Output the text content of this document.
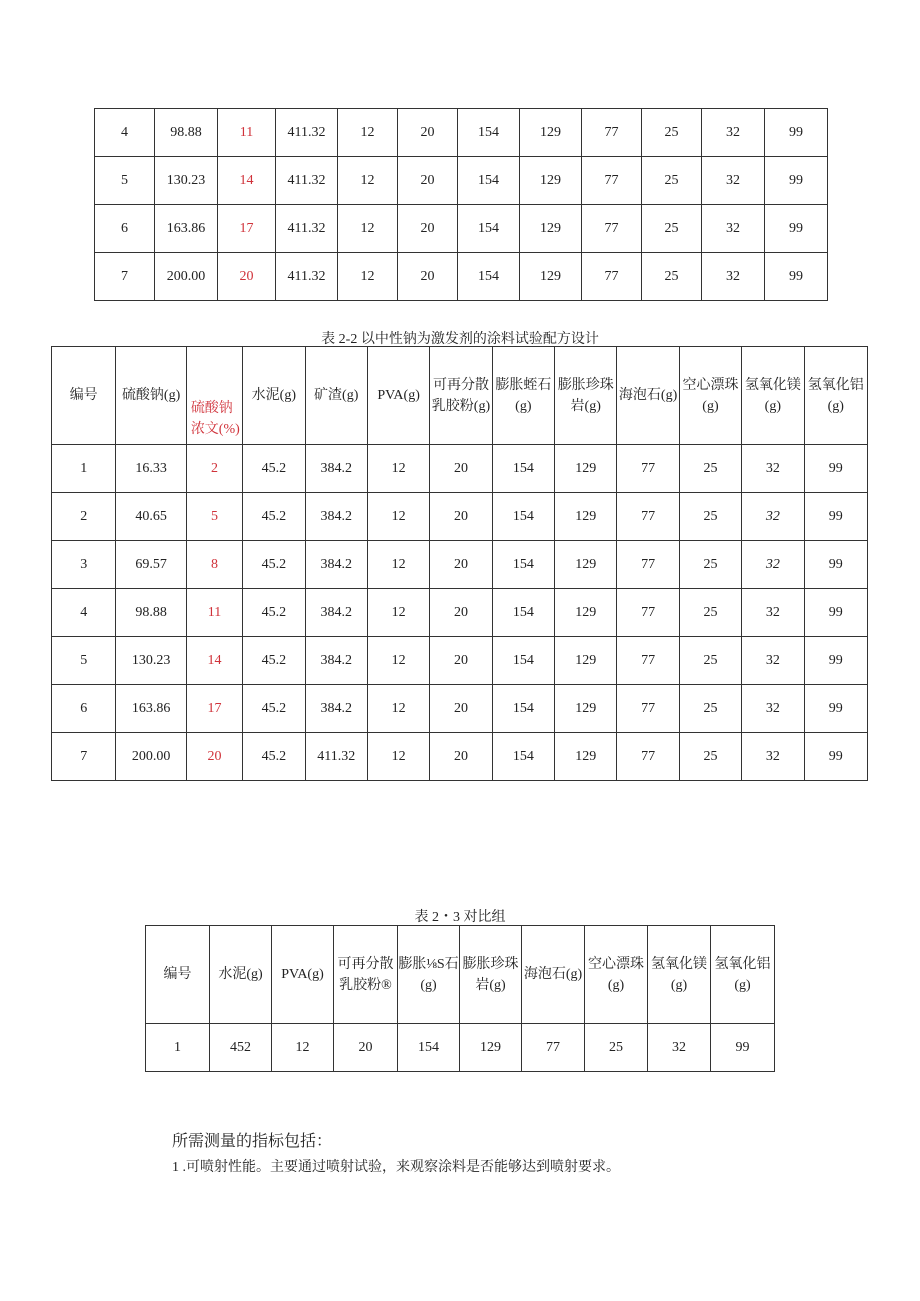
4	98.88	11	411.32	12	20	154	129	77	25	32	99
5	130.23	14	411.32	12	20	154	129	77	25	32	99
6	163.86	17	411.32	12	20	154	129	77	25	32	99
7	200.00	20	411.32	12	20	154	129	77	25	32	99
表 2-2 以中性钠为激发剂的涂料试验配方设计
编号	硫酸钠(g)	硫酸钠浓文(%)	水泥(g)	矿渣(g)	PVA(g)	可再分散乳胶粉(g)	膨胀蛭石(g)	膨胀珍珠岩(g)	海泡石(g)	空心漂珠(g)	氢氧化镁(g)	氢氧化铝(g)
1	16.33	2	45.2	384.2	12	20	154	129	77	25	32	99
2	40.65	5	45.2	384.2	12	20	154	129	77	25	32	99
3	69.57	8	45.2	384.2	12	20	154	129	77	25	32	99
4	98.88	11	45.2	384.2	12	20	154	129	77	25	32	99
5	130.23	14	45.2	384.2	12	20	154	129	77	25	32	99
6	163.86	17	45.2	384.2	12	20	154	129	77	25	32	99
7	200.00	20	45.2	411.32	12	20	154	129	77	25	32	99
表 2・3 对比组
编号	水泥(g)	PVA(g)	可再分散乳胶粉®	膨胀⅛S石(g)	膨胀珍珠岩(g)	海泡石(g)	空心漂珠(g)	氢氧化镁(g)	氢氧化铝(g)
1	452	12	20	154	129	77	25	32	99
所需测量的指标包括：
1 .可喷射性能。主要通过喷射试验，来观察涂料是否能够达到喷射要求。
